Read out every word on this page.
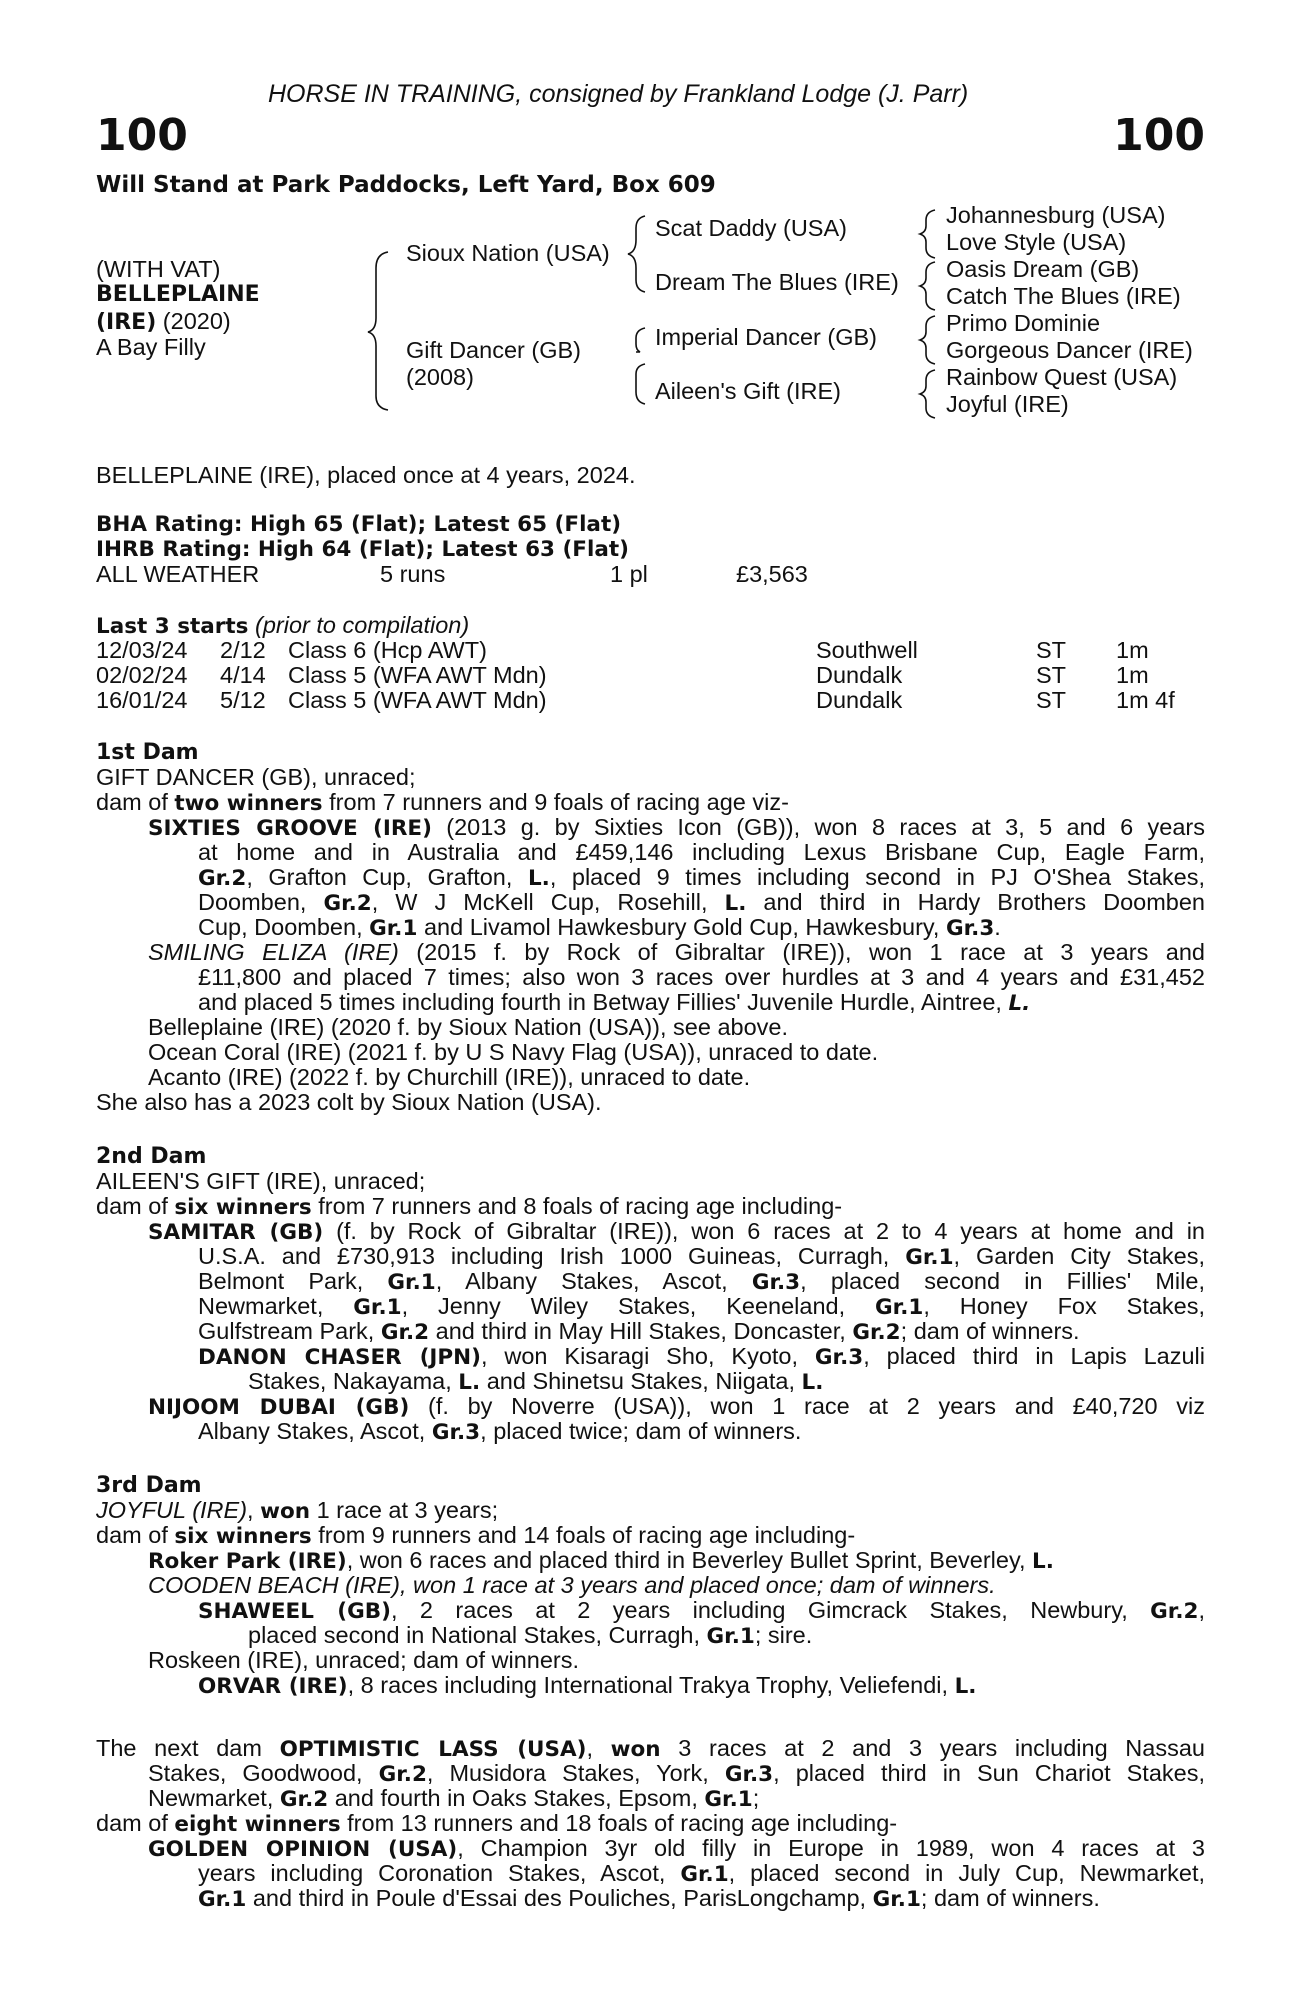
HORSE IN TRAINING, consigned by Frankland Lodge (J. Parr)
100	100
Will Stand at Park Paddocks, Left Yard, Box 609
(WITH VAT)
BELLEPLAINE
(IRE) (2020)
A Bay Filly
Sioux Nation (USA)
Gift Dancer (GB)
(2008)
Scat Daddy (USA)
Dream The Blues (IRE)
Imperial Dancer (GB)
Aileen's Gift (IRE)
Johannesburg (USA)
Love Style (USA)
Oasis Dream (GB)
Catch The Blues (IRE)
Primo Dominie
Gorgeous Dancer (IRE)
Rainbow Quest (USA)
Joyful (IRE)
BELLEPLAINE (IRE), placed once at 4 years, 2024.
BHA Rating: High 65 (Flat); Latest 65 (Flat)
IHRB Rating: High 64 (Flat); Latest 63 (Flat)
ALL WEATHER	5 runs	1 pl	£3,563
Last 3 starts (prior to compilation)
12/03/24 2/12 Class 6 (Hcp AWT)	Southwell	ST 1m
02/02/24 4/14 Class 5 (WFA AWT Mdn)	Dundalk	ST 1m
16/01/24 5/12 Class 5 (WFA AWT Mdn)	Dundalk	ST 1m 4f
1st Dam
GIFT DANCER (GB), unraced;
dam of two winners from 7 runners and 9 foals of racing age viz-
SIXTIES GROOVE (IRE) (2013 g. by Sixties Icon (GB)), won 8 races at 3, 5 and 6 years
at home and in Australia and £459,146 including Lexus Brisbane Cup, Eagle Farm,
Gr.2, Grafton Cup, Grafton, L., placed 9 times including second in PJ O'Shea Stakes,
Doomben, Gr.2, W J McKell Cup, Rosehill, L. and third in Hardy Brothers Doomben
Cup, Doomben, Gr.1 and Livamol Hawkesbury Gold Cup, Hawkesbury, Gr.3.
SMILING ELIZA (IRE) (2015 f. by Rock of Gibraltar (IRE)), won 1 race at 3 years and
£11,800 and placed 7 times; also won 3 races over hurdles at 3 and 4 years and £31,452
and placed 5 times including fourth in Betway Fillies' Juvenile Hurdle, Aintree, L.
Belleplaine (IRE) (2020 f. by Sioux Nation (USA)), see above.
Ocean Coral (IRE) (2021 f. by U S Navy Flag (USA)), unraced to date.
Acanto (IRE) (2022 f. by Churchill (IRE)), unraced to date.
She also has a 2023 colt by Sioux Nation (USA).
2nd Dam
AILEEN'S GIFT (IRE), unraced;
dam of six winners from 7 runners and 8 foals of racing age including-
SAMITAR (GB) (f. by Rock of Gibraltar (IRE)), won 6 races at 2 to 4 years at home and in
U.S.A. and £730,913 including Irish 1000 Guineas, Curragh, Gr.1, Garden City Stakes,
Belmont Park, Gr.1, Albany Stakes, Ascot, Gr.3, placed second in Fillies' Mile,
Newmarket, Gr.1, Jenny Wiley Stakes, Keeneland, Gr.1, Honey Fox Stakes,
Gulfstream Park, Gr.2 and third in May Hill Stakes, Doncaster, Gr.2; dam of winners.
DANON CHASER (JPN), won Kisaragi Sho, Kyoto, Gr.3, placed third in Lapis Lazuli
Stakes, Nakayama, L. and Shinetsu Stakes, Niigata, L.
NIJOOM DUBAI (GB) (f. by Noverre (USA)), won 1 race at 2 years and £40,720 viz
Albany Stakes, Ascot, Gr.3, placed twice; dam of winners.
3rd Dam
JOYFUL (IRE), won 1 race at 3 years;
dam of six winners from 9 runners and 14 foals of racing age including-
Roker Park (IRE), won 6 races and placed third in Beverley Bullet Sprint, Beverley, L.
COODEN BEACH (IRE), won 1 race at 3 years and placed once; dam of winners.
SHAWEEL (GB), 2 races at 2 years including Gimcrack Stakes, Newbury, Gr.2,
placed second in National Stakes, Curragh, Gr.1; sire.
Roskeen (IRE), unraced; dam of winners.
ORVAR (IRE), 8 races including International Trakya Trophy, Veliefendi, L.
The next dam OPTIMISTIC LASS (USA), won 3 races at 2 and 3 years including Nassau
Stakes, Goodwood, Gr.2, Musidora Stakes, York, Gr.3, placed third in Sun Chariot Stakes,
Newmarket, Gr.2 and fourth in Oaks Stakes, Epsom, Gr.1;
dam of eight winners from 13 runners and 18 foals of racing age including-
GOLDEN OPINION (USA), Champion 3yr old filly in Europe in 1989, won 4 races at 3
years including Coronation Stakes, Ascot, Gr.1, placed second in July Cup, Newmarket,
Gr.1 and third in Poule d'Essai des Pouliches, ParisLongchamp, Gr.1; dam of winners.
